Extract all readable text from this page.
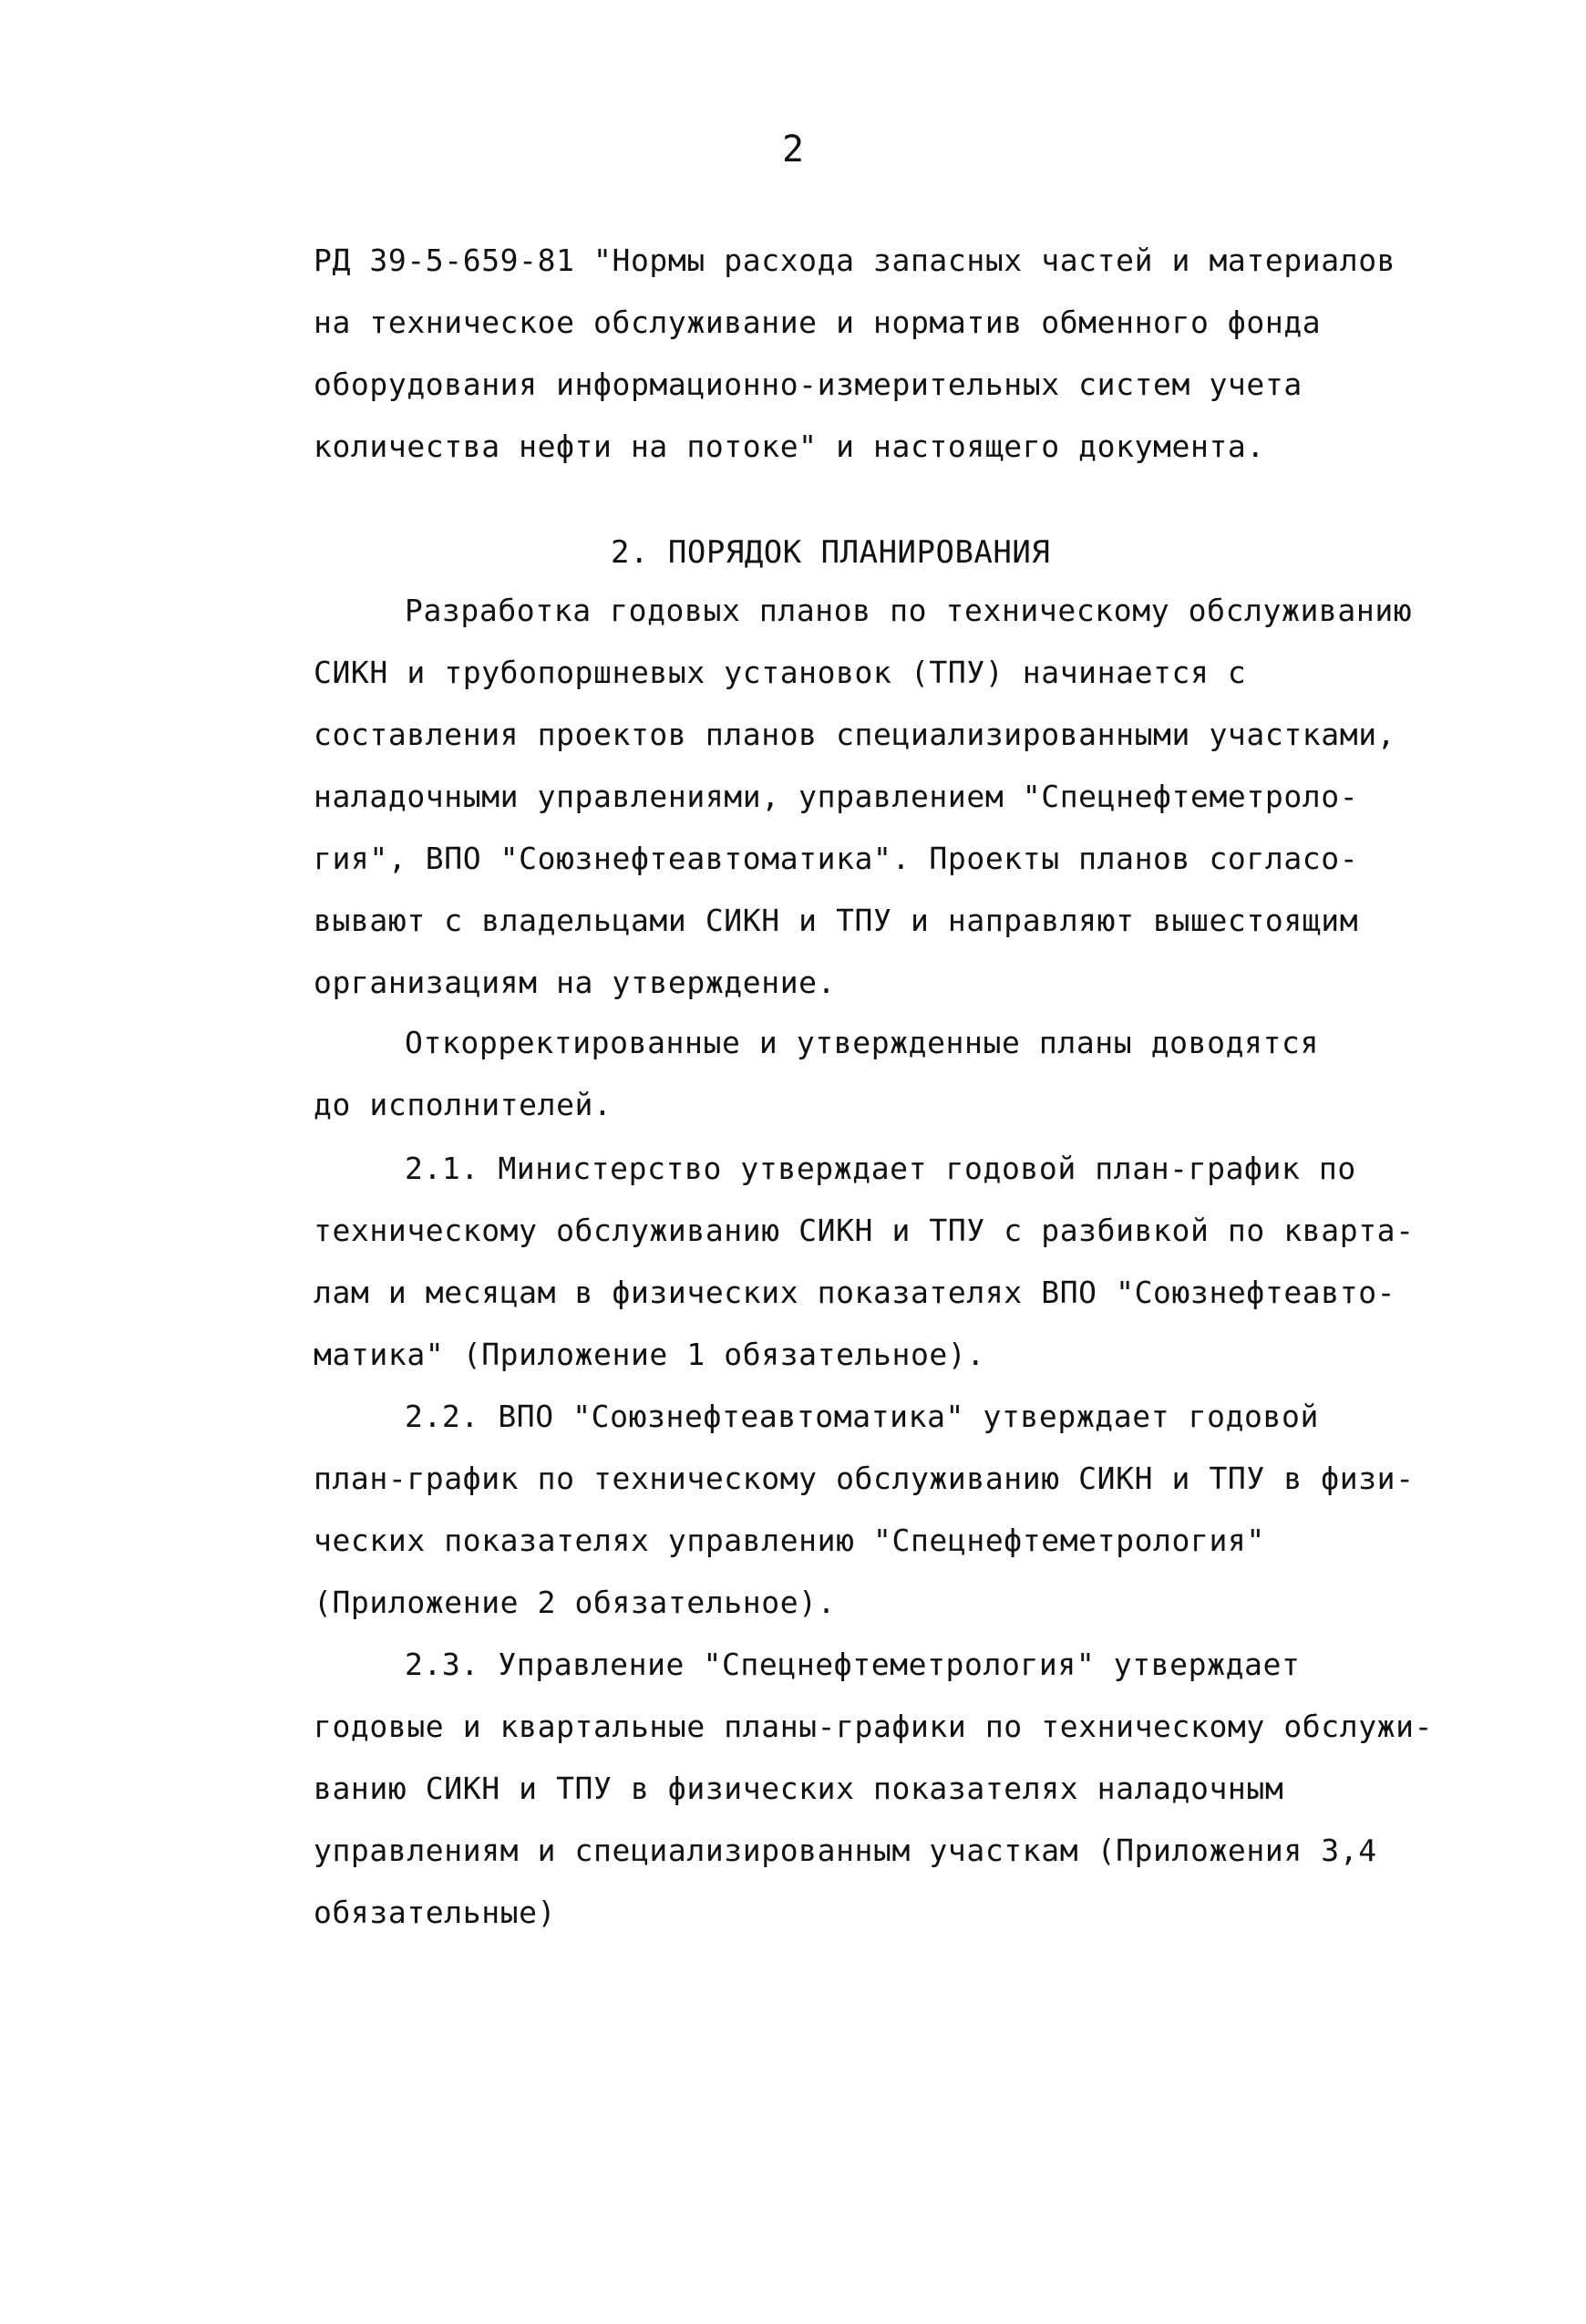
2
РД 39-5-659-81 "Нормы расхода запасных частей и материалов
на техническое обслуживание и норматив обменного фонда
оборудования информационно-измерительных систем учета
количества нефти на потоке" и настоящего документа.
2. ПОРЯДОК ПЛАНИРОВАНИЯ
Разработка годовых планов по техническому обслуживанию
СИКН и трубопоршневых установок (ТПУ) начинается с
составления проектов планов специализированными участками,
наладочными управлениями, управлением "Спецнефтеметроло-
гия", ВПО "Союзнефтеавтоматика". Проекты планов согласо-
вывают с владельцами СИКН и ТПУ и направляют вышестоящим
организациям на утверждение.
Откорректированные и утвержденные планы доводятся
до исполнителей.
2.1. Министерство утверждает годовой план-график по
техническому обслуживанию СИКН и ТПУ с разбивкой по кварта-
лам и месяцам в физических показателях ВПО "Союзнефтеавто-
матика" (Приложение 1 обязательное).
2.2. ВПО "Союзнефтеавтоматика" утверждает годовой
план-график по техническому обслуживанию СИКН и ТПУ в физи-
ческих показателях управлению "Спецнефтеметрология"
(Приложение 2 обязательное).
2.3. Управление "Спецнефтеметрология" утверждает
годовые и квартальные планы-графики по техническому обслужи-
ванию СИКН и ТПУ в физических показателях наладочным
управлениям и специализированным участкам (Приложения 3,4
обязательные)
